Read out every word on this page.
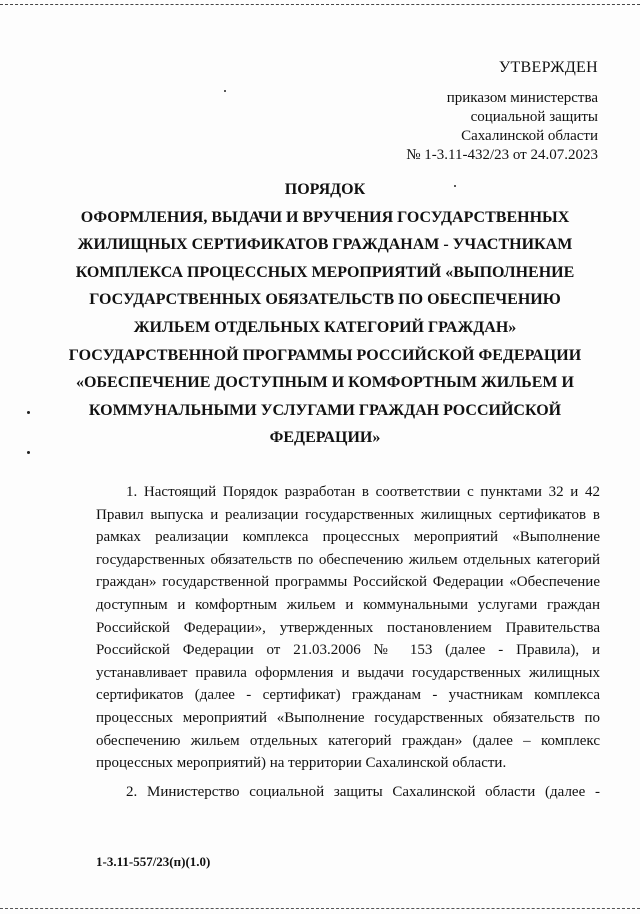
УТВЕРЖДЕН
приказом министерства
социальной защиты
Сахалинской области
№ 1-3.11-432/23 от 24.07.2023
ПОРЯДОК
ОФОРМЛЕНИЯ, ВЫДАЧИ И ВРУЧЕНИЯ ГОСУДАРСТВЕННЫХ
ЖИЛИЩНЫХ СЕРТИФИКАТОВ ГРАЖДАНАМ - УЧАСТНИКАМ
КОМПЛЕКСА ПРОЦЕССНЫХ МЕРОПРИЯТИЙ «ВЫПОЛНЕНИЕ
ГОСУДАРСТВЕННЫХ ОБЯЗАТЕЛЬСТВ ПО ОБЕСПЕЧЕНИЮ
ЖИЛЬЕМ ОТДЕЛЬНЫХ КАТЕГОРИЙ ГРАЖДАН»
ГОСУДАРСТВЕННОЙ ПРОГРАММЫ РОССИЙСКОЙ ФЕДЕРАЦИИ
«ОБЕСПЕЧЕНИЕ ДОСТУПНЫМ И КОМФОРТНЫМ ЖИЛЬЕМ И
КОММУНАЛЬНЫМИ УСЛУГАМИ ГРАЖДАН РОССИЙСКОЙ
ФЕДЕРАЦИИ»
1. Настоящий Порядок разработан в соответствии с пунктами 32 и 42
Правил выпуска и реализации государственных жилищных сертификатов в
рамках реализации комплекса процессных мероприятий «Выполнение
государственных обязательств по обеспечению жильем отдельных категорий
граждан» государственной программы Российской Федерации «Обеспечение
доступным и комфортным жильем и коммунальными услугами граждан
Российской Федерации», утвержденных постановлением Правительства
Российской Федерации от 21.03.2006 № 153 (далее - Правила), и
устанавливает правила оформления и выдачи государственных жилищных
сертификатов (далее - сертификат) гражданам - участникам комплекса
процессных мероприятий «Выполнение государственных обязательств по
обеспечению жильем отдельных категорий граждан» (далее – комплекс
процессных мероприятий) на территории Сахалинской области.
2. Министерство социальной защиты Сахалинской области (далее -
1-3.11-557/23(п)(1.0)
